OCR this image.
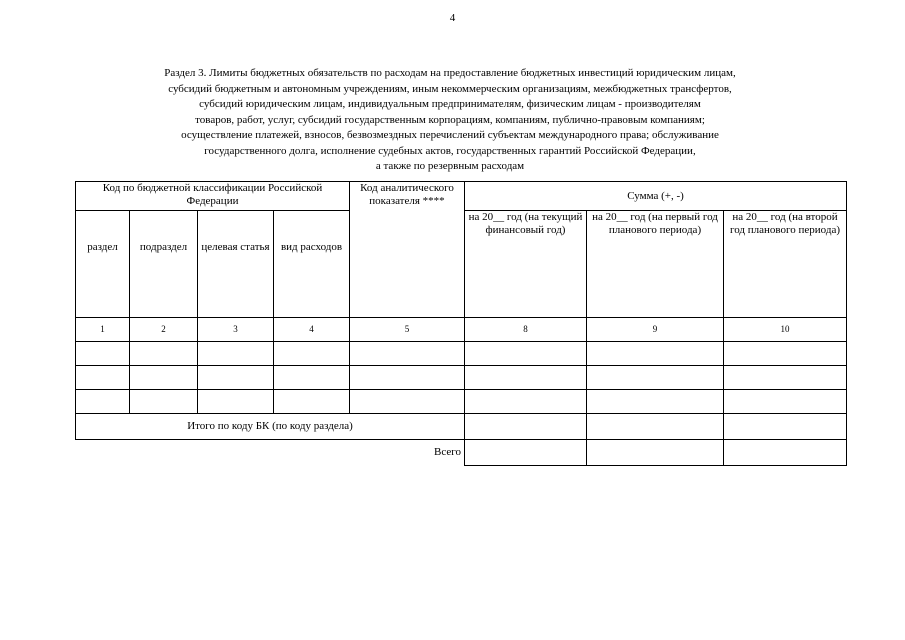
4
Раздел 3. Лимиты бюджетных обязательств по расходам на предоставление бюджетных инвестиций юридическим лицам,
субсидий бюджетным и автономным учреждениям, иным некоммерческим организациям, межбюджетных трансфертов,
субсидий юридическим лицам, индивидуальным предпринимателям, физическим лицам - производителям
товаров, работ, услуг, субсидий государственным корпорациям, компаниям, публично-правовым компаниям;
осуществление платежей, взносов, безвозмездных перечислений субъектам международного права; обслуживание
государственного долга, исполнение судебных актов, государственных гарантий Российской Федерации,
а также по резервным расходам
Код по бюджетной классификации Российской Федерации				Код аналитического показателя ****	Сумма (+, -)		

раздел	подраздел	целевая статья	вид расходов		на 20__ год (на текущий финансовый год)	на 20__ год (на первый год планового периода)	на 20__ год (на второй год планового периода)
1	2	3	4	5	8	9	10

Итого по коду БК (по коду раздела)							
Всего							
